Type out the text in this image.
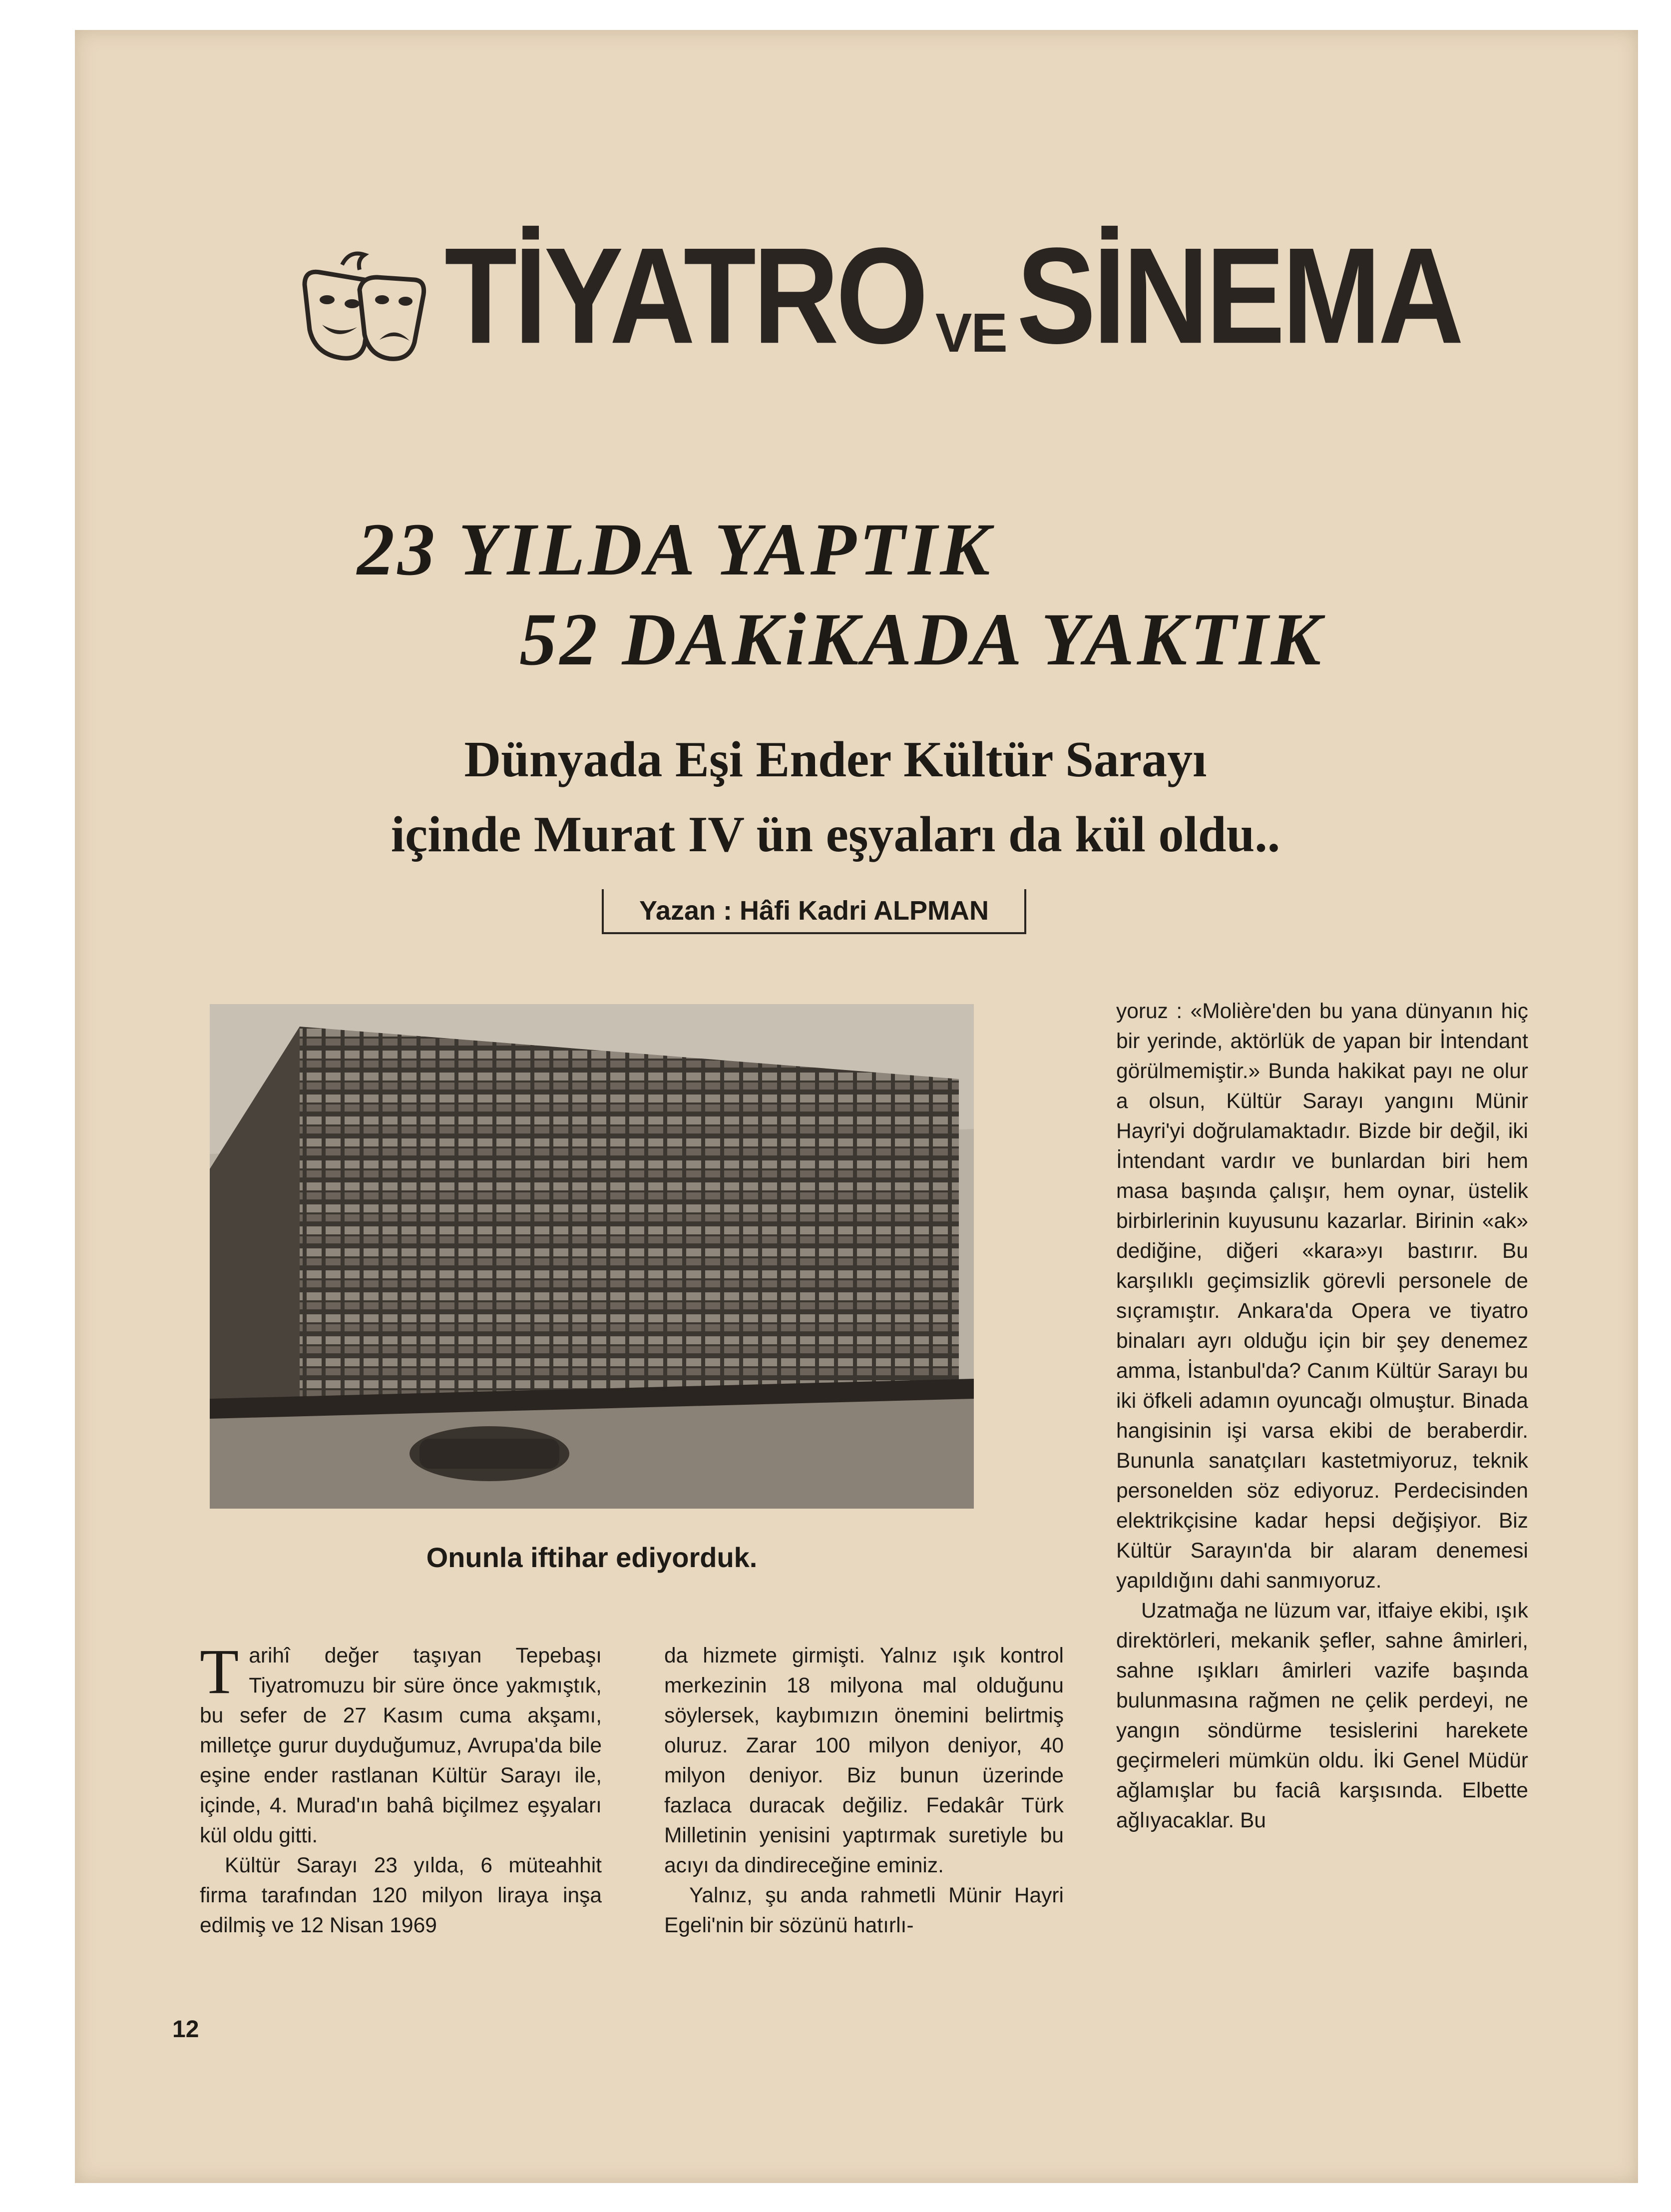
TİYATRO VE SİNEMA
23 YILDA YAPTIK
52 DAKiKADA YAKTIK
Dünyada Eşi Ender Kültür Sarayı
içinde Murat IV ün eşyaları da kül oldu..
Yazan : Hâfi Kadri ALPMAN
Onunla iftihar ediyorduk.
T arihî değer taşıyan Tepebaşı Tiyatromuzu bir süre önce yakmıştık, bu sefer de 27 Kasım cuma akşamı, milletçe gurur duyduğumuz, Avrupa'da bile eşine ender rastlanan Kültür Sarayı ile, içinde, 4. Murad'ın bahâ biçilmez eşyaları kül oldu gitti.

Kültür Sarayı 23 yılda, 6 müteahhit firma tarafından 120 milyon liraya inşa edilmiş ve 12 Nisan 1969

da hizmete girmişti. Yalnız ışık kontrol merkezinin 18 milyona mal olduğunu söylersek, kaybımızın önemini belirtmiş oluruz. Zarar 100 milyon deniyor, 40 milyon deniyor. Biz bunun üzerinde fazlaca duracak değiliz. Fedakâr Türk Milletinin yenisini yaptırmak suretiyle bu acıyı da dindireceğine eminiz.

Yalnız, şu anda rahmetli Münir Hayri Egeli'nin bir sözünü hatırlı-

yoruz : «Molière'den bu yana dünyanın hiç bir yerinde, aktörlük de yapan bir İntendant görülmemiştir.» Bunda hakikat payı ne olur a olsun, Kültür Sarayı yangını Münir Hayri'yi doğrulamaktadır. Bizde bir değil, iki İntendant vardır ve bunlardan biri hem masa başında çalışır, hem oynar, üstelik birbirlerinin kuyusunu kazarlar. Birinin «ak» dediğine, diğeri «kara»yı bastırır. Bu karşılıklı geçimsizlik görevli personele de sıçramıştır. Ankara'da Opera ve tiyatro binaları ayrı olduğu için bir şey denemez amma, İstanbul'da? Canım Kültür Sarayı bu iki öfkeli adamın oyuncağı olmuştur. Binada hangisinin işi varsa ekibi de beraberdir. Bununla sanatçıları kastetmiyoruz, teknik personelden söz ediyoruz. Perdecisinden elektrikçisine kadar hepsi değişiyor. Biz Kültür Sarayın'da bir alaram denemesi yapıldığını dahi sanmıyoruz.

Uzatmağa ne lüzum var, itfaiye ekibi, ışık direktörleri, mekanik şefler, sahne âmirleri, sahne ışıkları âmirleri vazife başında bulunmasına rağmen ne çelik perdeyi, ne yangın söndürme tesislerini harekete geçirmeleri mümkün oldu. İki Genel Müdür ağlamışlar bu faciâ karşısında. Elbette ağlıyacaklar. Bu

12
